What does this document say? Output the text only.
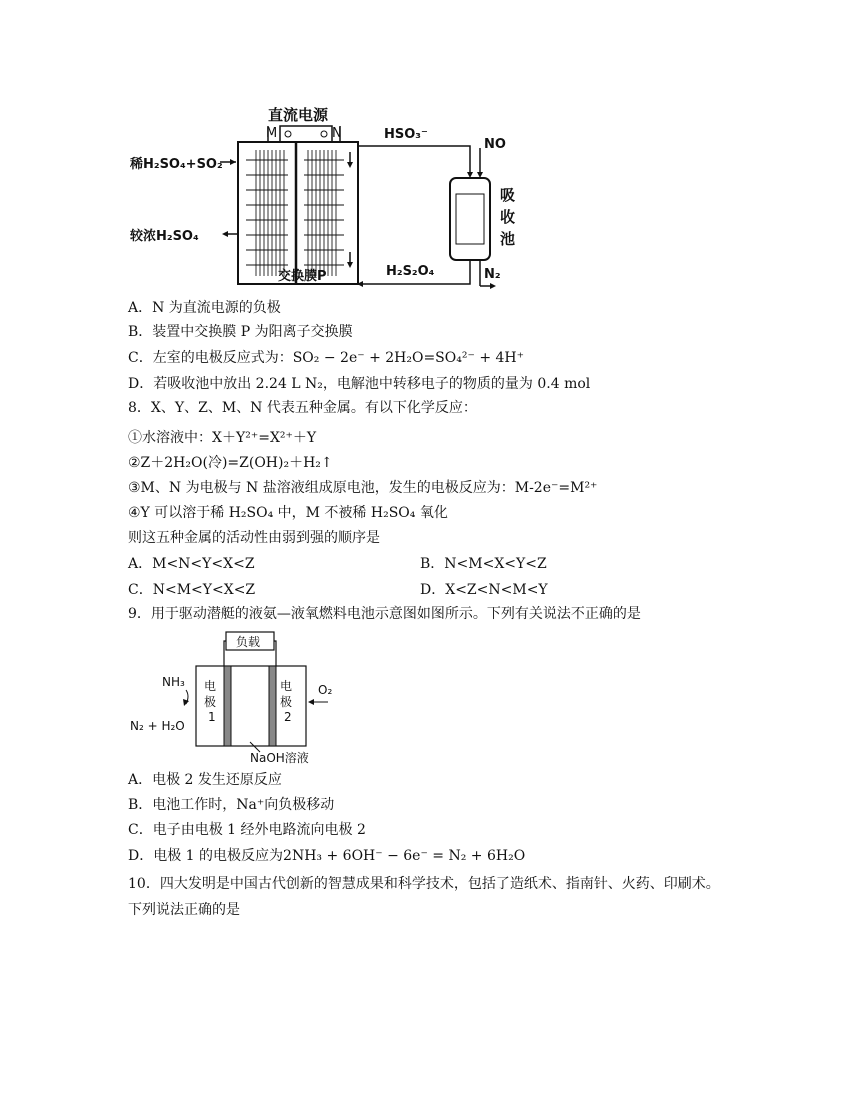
直流电源
M	N
稀H₂SO₄+SO₂
较浓H₂SO₄
交换膜P
HSO₃⁻
H₂S₂O₄
吸
收
池
NO
N₂
A．N 为直流电源的负极
B．装置中交换膜 P 为阳离子交换膜
C．左室的电极反应式为：SO₂ − 2e⁻ + 2H₂O=SO₄²⁻ + 4H⁺
D．若吸收池中放出 2.24 L N₂，电解池中转移电子的物质的量为 0.4 mol
8．X、Y、Z、M、N 代表五种金属。有以下化学反应：
①水溶液中：X＋Y²⁺=X²⁺＋Y
②Z＋2H₂O(冷)=Z(OH)₂＋H₂↑
③M、N 为电极与 N 盐溶液组成原电池，发生的电极反应为：M-2e⁻=M²⁺
④Y 可以溶于稀 H₂SO₄ 中，M 不被稀 H₂SO₄ 氧化
则这五种金属的活动性由弱到强的顺序是
A．M<N<Y<X<Z	B．N<M<X<Y<Z
C．N<M<Y<X<Z	D．X<Z<N<M<Y
9．用于驱动潜艇的液氨—液氧燃料电池示意图如图所示。下列有关说法不正确的是
负载
电
极
1
电
极
2
NH₃
N₂ + H₂O
O₂
NaOH溶液
A．电极 2 发生还原反应
B．电池工作时，Na⁺向负极移动
C．电子由电极 1 经外电路流向电极 2
D．电极 1 的电极反应为2NH₃ + 6OH⁻ − 6e⁻ = N₂ + 6H₂O
10．四大发明是中国古代创新的智慧成果和科学技术，包括了造纸术、指南针、火药、印刷术。
下列说法正确的是
